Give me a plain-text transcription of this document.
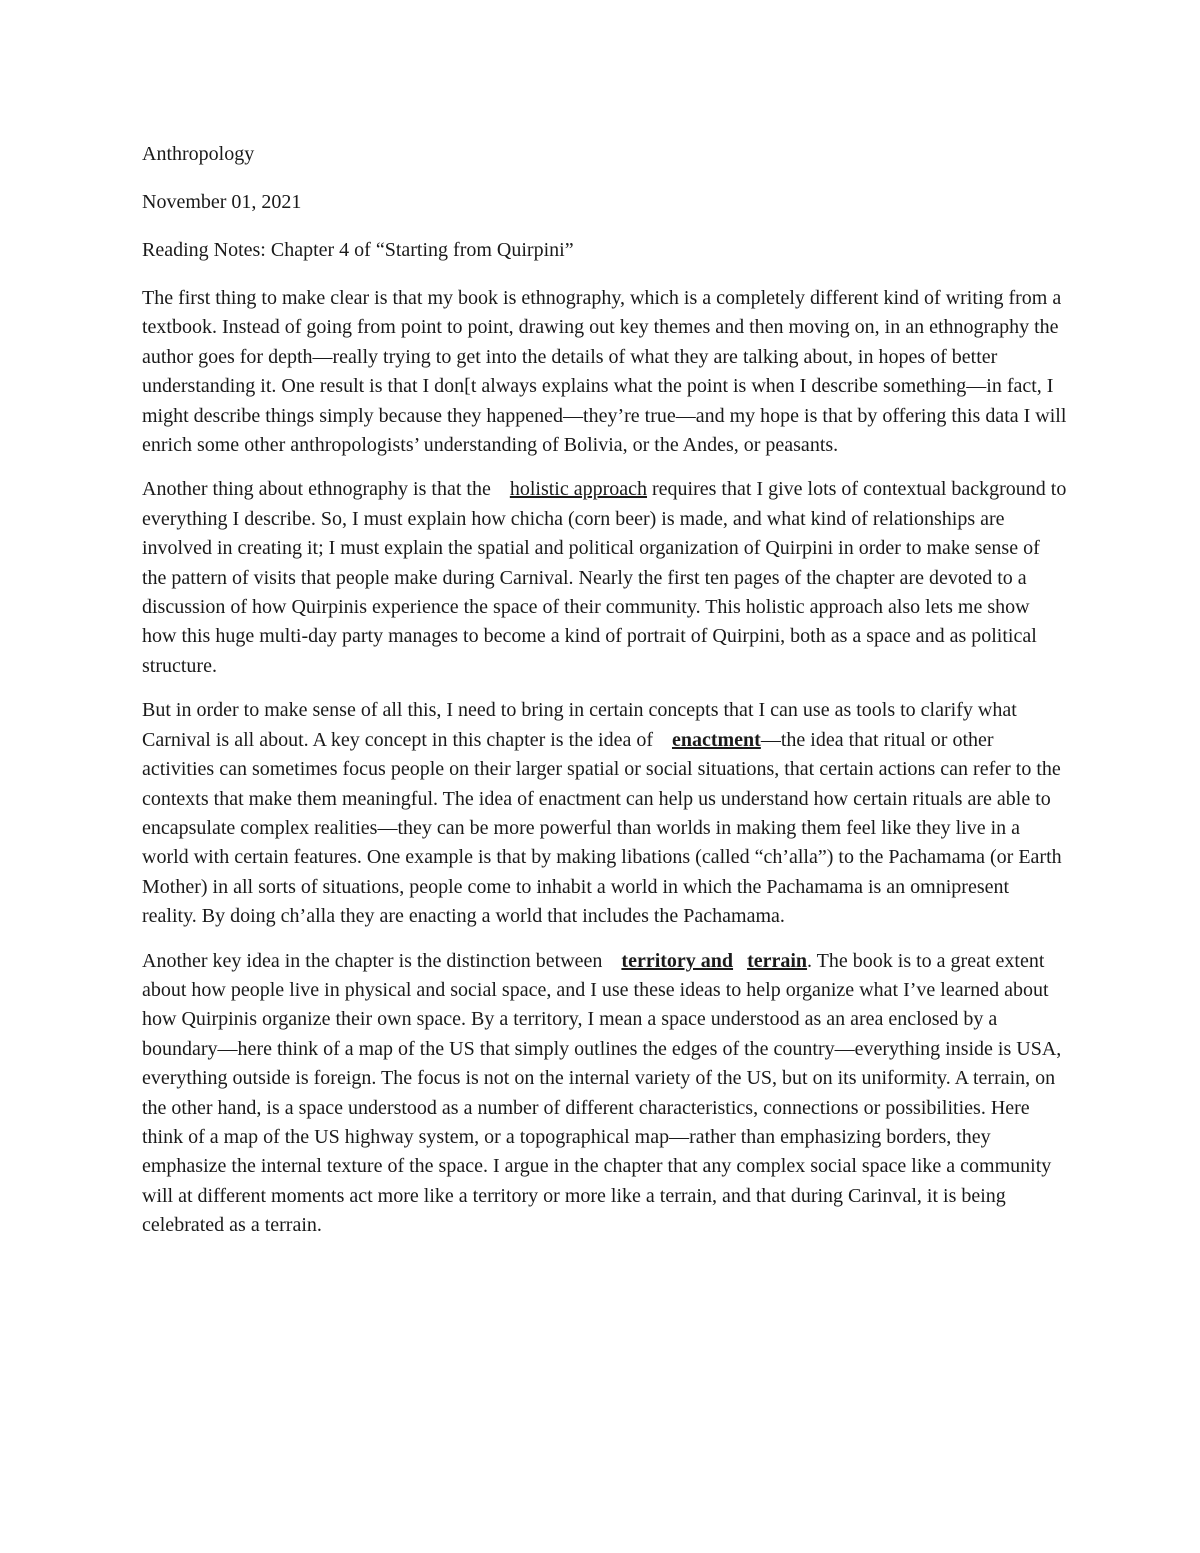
Anthropology

November 01, 2021

Reading Notes: Chapter 4 of “Starting from Quirpini”

The first thing to make clear is that my book is ethnography, which is a completely different kind of writing from a textbook. Instead of going from point to point, drawing out key themes and then moving on, in an ethnography the author goes for depth—really trying to get into the details of what they are talking about, in hopes of better understanding it. One result is that I don[t always explains what the point is when I describe something—in fact, I might describe things simply because they happened—they’re true—and my hope is that by offering this data I will enrich some other anthropologists’ understanding of Bolivia, or the Andes, or peasants.

Another thing about ethnography is that the holistic approach requires that I give lots of contextual background to everything I describe. So, I must explain how chicha (corn beer) is made, and what kind of relationships are involved in creating it; I must explain the spatial and political organization of Quirpini in order to make sense of the pattern of visits that people make during Carnival. Nearly the first ten pages of the chapter are devoted to a discussion of how Quirpinis experience the space of their community. This holistic approach also lets me show how this huge multi-day party manages to become a kind of portrait of Quirpini, both as a space and as political structure.

But in order to make sense of all this, I need to bring in certain concepts that I can use as tools to clarify what Carnival is all about. A key concept in this chapter is the idea of enactment—the idea that ritual or other activities can sometimes focus people on their larger spatial or social situations, that certain actions can refer to the contexts that make them meaningful. The idea of enactment can help us understand how certain rituals are able to encapsulate complex realities—they can be more powerful than worlds in making them feel like they live in a world with certain features. One example is that by making libations (called “ch’alla”) to the Pachamama (or Earth Mother) in all sorts of situations, people come to inhabit a world in which the Pachamama is an omnipresent reality. By doing ch’alla they are enacting a world that includes the Pachamama.

Another key idea in the chapter is the distinction between territory and terrain. The book is to a great extent about how people live in physical and social space, and I use these ideas to help organize what I’ve learned about how Quirpinis organize their own space. By a territory, I mean a space understood as an area enclosed by a boundary—here think of a map of the US that simply outlines the edges of the country—everything inside is USA, everything outside is foreign. The focus is not on the internal variety of the US, but on its uniformity. A terrain, on the other hand, is a space understood as a number of different characteristics, connections or possibilities. Here think of a map of the US highway system, or a topographical map—rather than emphasizing borders, they emphasize the internal texture of the space. I argue in the chapter that any complex social space like a community will at different moments act more like a territory or more like a terrain, and that during Carinval, it is being celebrated as a terrain.
